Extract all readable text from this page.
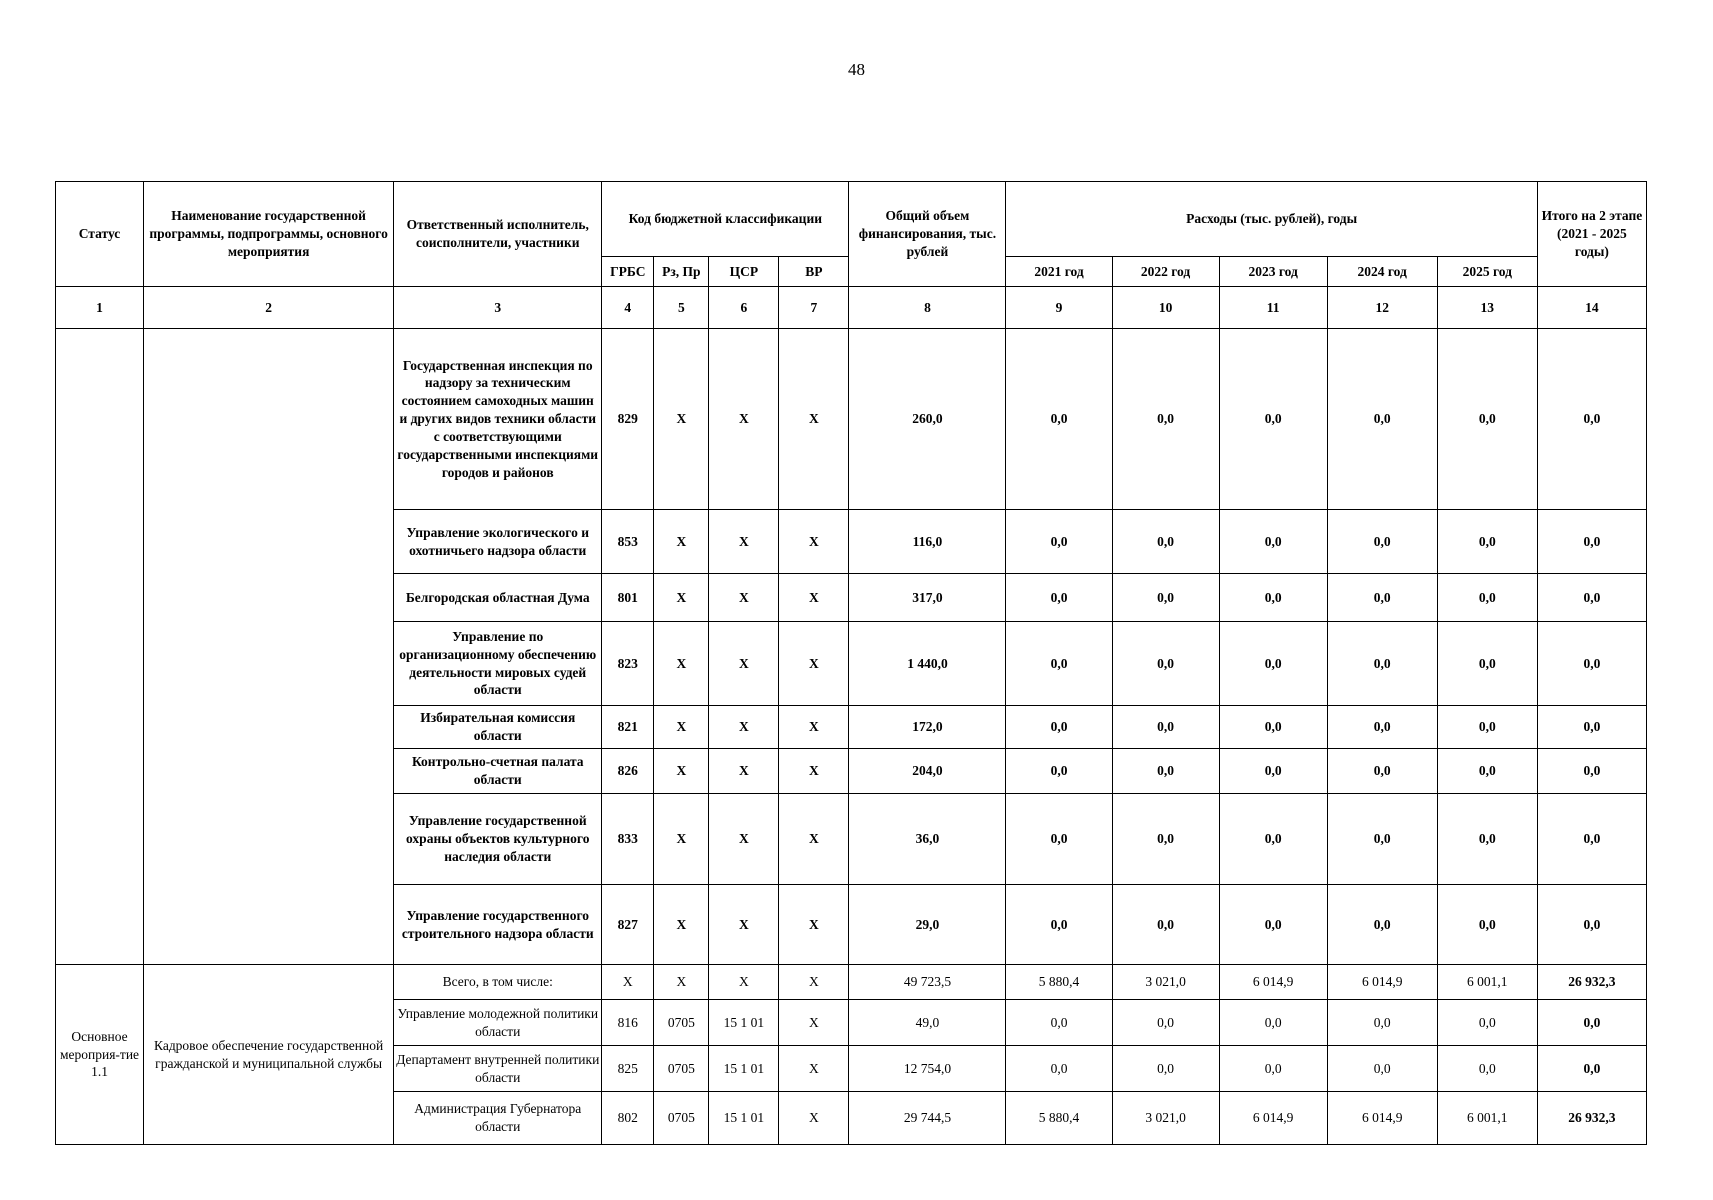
48
Статус	Наименование государственной программы, подпрограммы, основного мероприятия	Ответственный исполнитель, соисполнители, участники	Код бюджетной классификации				Общий объем финансирования, тыс. рублей	Расходы (тыс. рублей), годы					Итого на 2 этапе (2021 - 2025 годы)
			ГРБС	Рз, Пр	ЦСР	ВР		2021 год	2022 год	2023 год	2024 год	2025 год	
1	2	3	4	5	6	7	8	9	10	11	12	13	14
		Государственная инспекция по надзору за техническим состоянием самоходных машин и других видов техники области с соответствующими государственными инспекциями городов и районов	829	X	X	X	260,0	0,0	0,0	0,0	0,0	0,0	0,0
		Управление экологического и охотничьего надзора области	853	X	X	X	116,0	0,0	0,0	0,0	0,0	0,0	0,0
		Белгородская областная Дума	801	X	X	X	317,0	0,0	0,0	0,0	0,0	0,0	0,0
		Управление по организационному обеспечению деятельности мировых судей области	823	X	X	X	1 440,0	0,0	0,0	0,0	0,0	0,0	0,0
		Избирательная комиссия области	821	X	X	X	172,0	0,0	0,0	0,0	0,0	0,0	0,0
		Контрольно-счетная палата области	826	X	X	X	204,0	0,0	0,0	0,0	0,0	0,0	0,0
		Управление государственной охраны объектов культурного наследия области	833	X	X	X	36,0	0,0	0,0	0,0	0,0	0,0	0,0
		Управление государственного строительного надзора области	827	X	X	X	29,0	0,0	0,0	0,0	0,0	0,0	0,0
Основное мероприя-тие 1.1	Кадровое обеспечение государственной гражданской и муниципальной службы	Всего, в том числе:	X	X	X	X	49 723,5	5 880,4	3 021,0	6 014,9	6 014,9	6 001,1	26 932,3
		Управление молодежной политики области	816	0705	15 1 01	X	49,0	0,0	0,0	0,0	0,0	0,0	0,0
		Департамент внутренней политики области	825	0705	15 1 01	X	12 754,0	0,0	0,0	0,0	0,0	0,0	0,0
		Администрация Губернатора области	802	0705	15 1 01	X	29 744,5	5 880,4	3 021,0	6 014,9	6 014,9	6 001,1	26 932,3
